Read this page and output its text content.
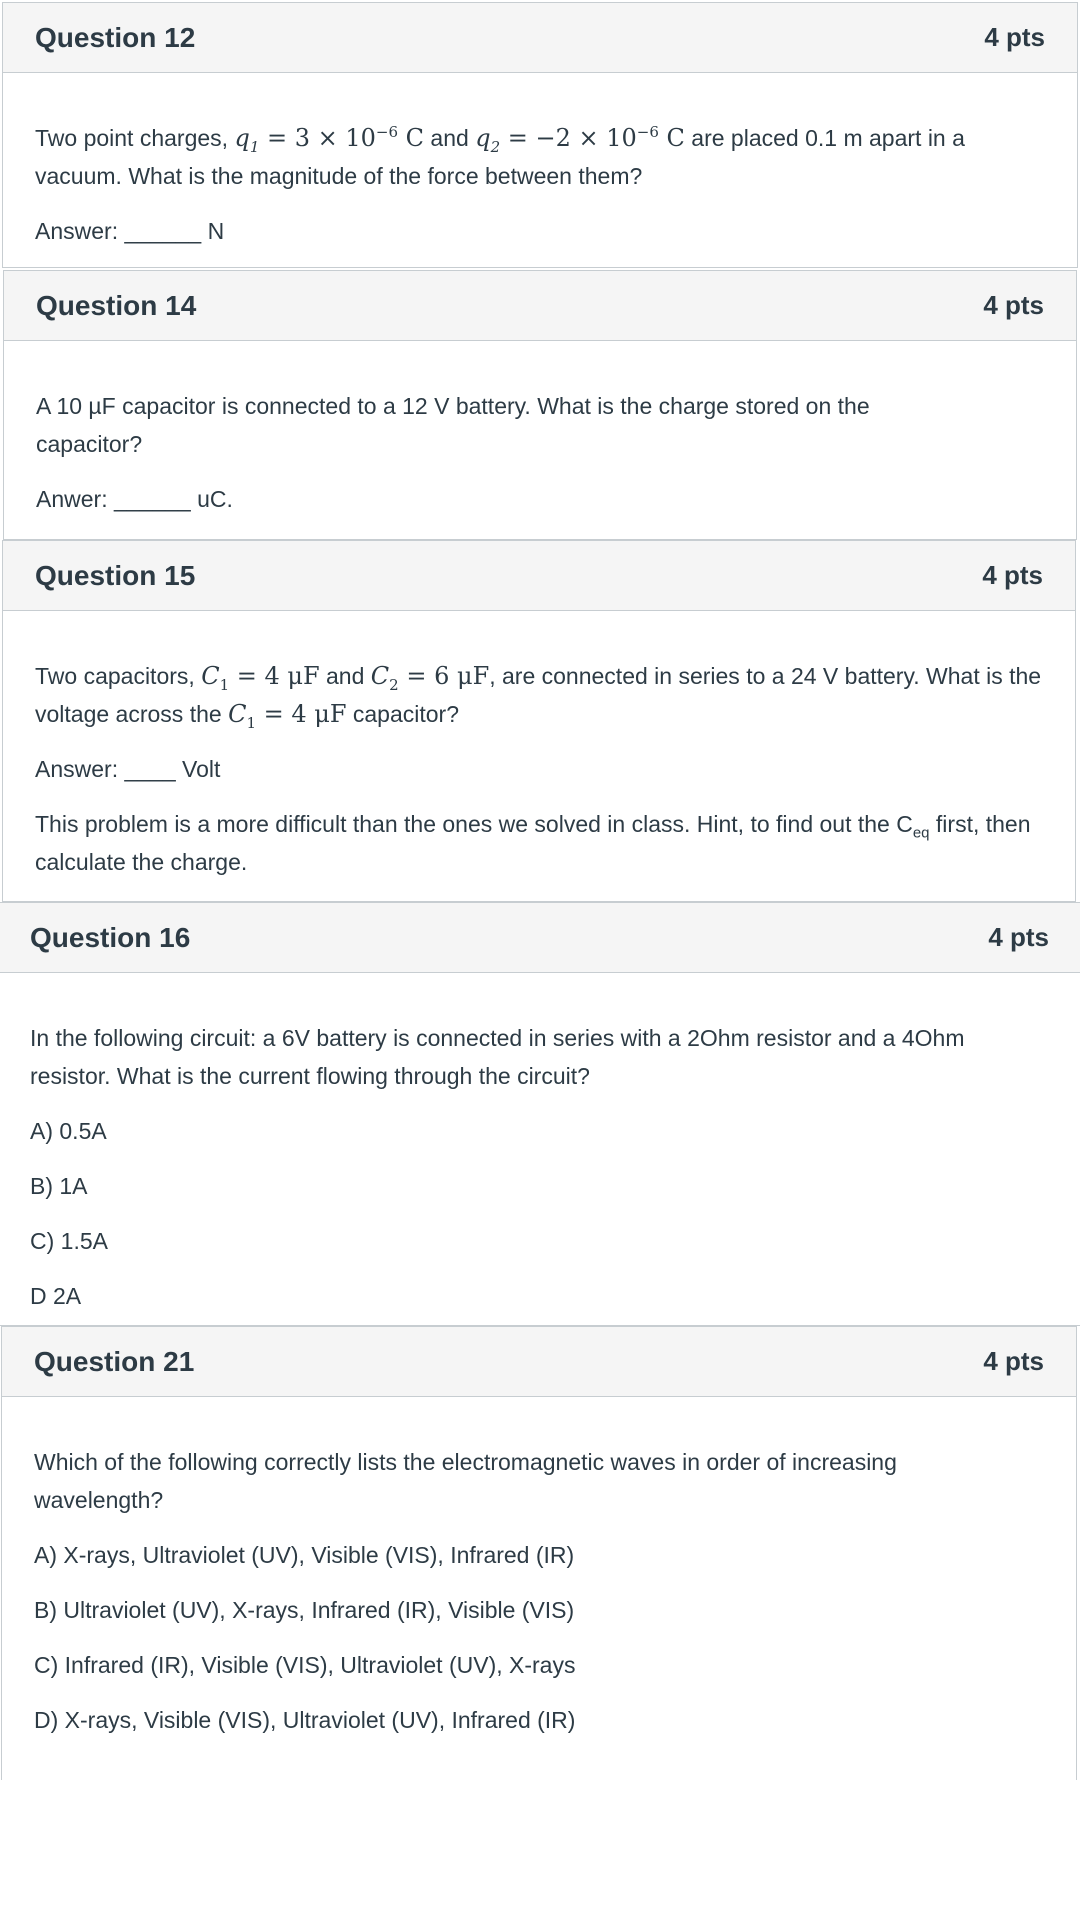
Question 12	4 pts

Two point charges, $q_1 = 3 \times 10^{-6}$ C and $q_2 = -2 \times 10^{-6}$ C are placed 0.1 m apart in a vacuum. What is the magnitude of the force between them?

Answer: ______ N

Question 14	4 pts

A 10 µF capacitor is connected to a 12 V battery. What is the charge stored on the capacitor?

Anwer: ______ uC.

Question 15	4 pts

Two capacitors, $C_1 = 4$ μF and $C_2 = 6$ μF, are connected in series to a 24 V battery. What is the voltage across the $C_1 = 4$ μF capacitor?

Answer: ____ Volt

This problem is a more difficult than the ones we solved in class. Hint, to find out the $C_{eq}$ first, then calculate the charge.

Question 16	4 pts

In the following circuit: a 6V battery is connected in series with a 2Ohm resistor and a 4Ohm resistor. What is the current flowing through the circuit?

A) 0.5A

B) 1A

C) 1.5A

D 2A

Question 21	4 pts

Which of the following correctly lists the electromagnetic waves in order of increasing wavelength?

A) X-rays, Ultraviolet (UV), Visible (VIS), Infrared (IR)

B) Ultraviolet (UV), X-rays, Infrared (IR), Visible (VIS)

C) Infrared (IR), Visible (VIS), Ultraviolet (UV), X-rays

D) X-rays, Visible (VIS), Ultraviolet (UV), Infrared (IR)
